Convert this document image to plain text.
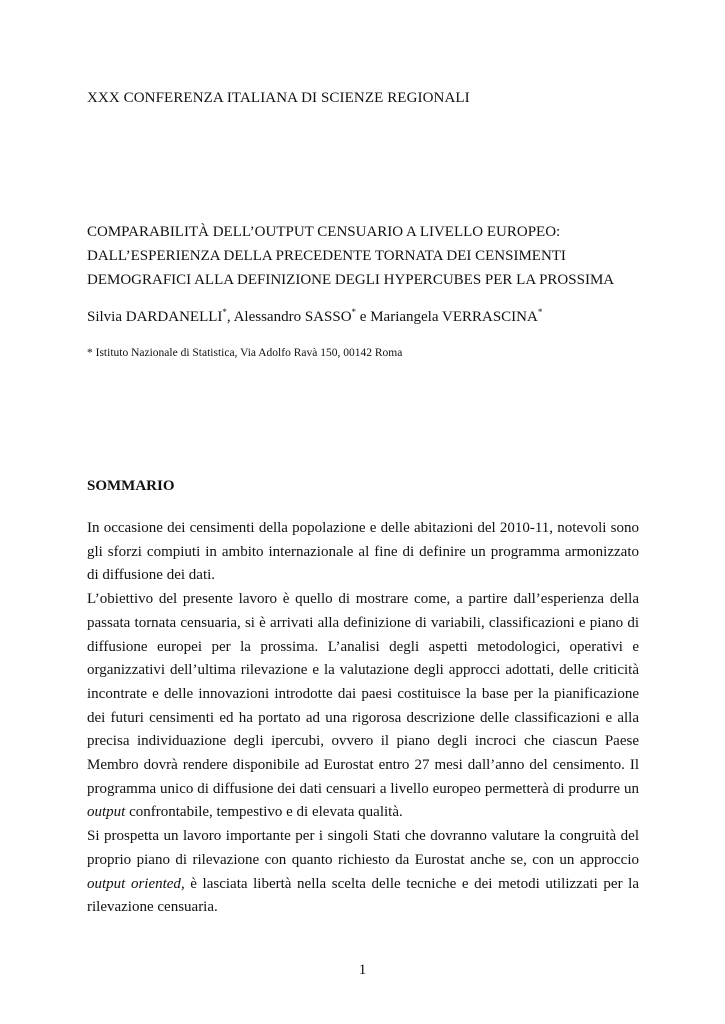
XXX CONFERENZA ITALIANA DI SCIENZE REGIONALI
COMPARABILITÀ DELL’OUTPUT CENSUARIO A LIVELLO EUROPEO:
DALL’ESPERIENZA DELLA PRECEDENTE TORNATA DEI CENSIMENTI
DEMOGRAFICI ALLA DEFINIZIONE DEGLI HYPERCUBES PER LA PROSSIMA
Silvia DARDANELLI*, Alessandro SASSO* e Mariangela VERRASCINA*
* Istituto Nazionale di Statistica, Via Adolfo Ravà 150, 00142 Roma
SOMMARIO

In occasione dei censimenti della popolazione e delle abitazioni del 2010-11, notevoli sono gli sforzi compiuti in ambito internazionale al fine di definire un programma armonizzato di diffusione dei dati.

L’obiettivo del presente lavoro è quello di mostrare come, a partire dall’esperienza della passata tornata censuaria, si è arrivati alla definizione di variabili, classificazioni e piano di diffusione europei per la prossima. L’analisi degli aspetti metodologici, operativi e organizzativi dell’ultima rilevazione e la valutazione degli approcci adottati, delle criticità incontrate e delle innovazioni introdotte dai paesi costituisce la base per la pianificazione dei futuri censimenti ed ha portato ad una rigorosa descrizione delle classificazioni e alla precisa individuazione degli ipercubi, ovvero il piano degli incroci che ciascun Paese Membro dovrà rendere disponibile ad Eurostat entro 27 mesi dall’anno del censimento. Il programma unico di diffusione dei dati censuari a livello europeo permetterà di produrre un output confrontabile, tempestivo e di elevata qualità.

Si prospetta un lavoro importante per i singoli Stati che dovranno valutare la congruità del proprio piano di rilevazione con quanto richiesto da Eurostat anche se, con un approccio output oriented, è lasciata libertà nella scelta delle tecniche e dei metodi utilizzati per la rilevazione censuaria.

1
